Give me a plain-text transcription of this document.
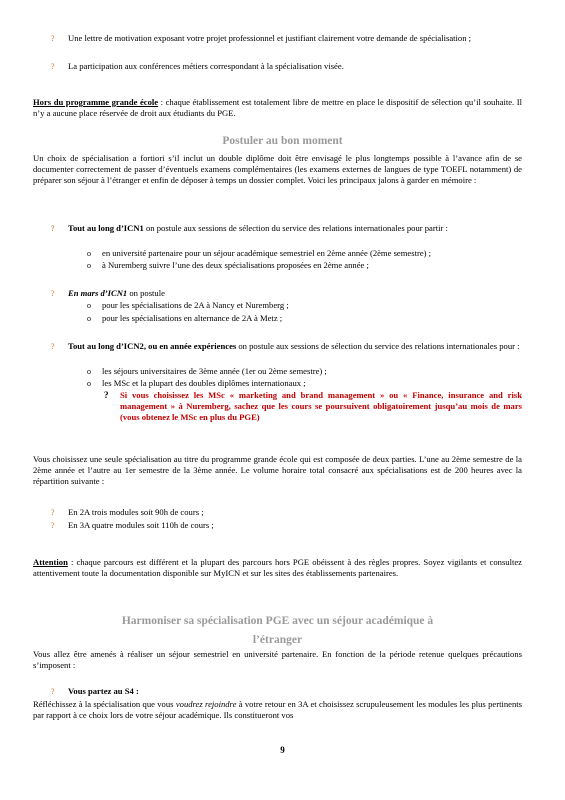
? Une lettre de motivation exposant votre projet professionnel et justifiant clairement votre demande de spécialisation ;

? La participation aux conférences métiers correspondant à la spécialisation visée.

Hors du programme grande école : chaque établissement est totalement libre de mettre en place le dispositif de sélection qu’il souhaite. Il n’y a aucune place réservée de droit aux étudiants du PGE.

Postuler au bon moment

Un choix de spécialisation a fortiori s’il inclut un double diplôme doit être envisagé le plus longtemps possible à l’avance afin de se documenter correctement de passer d’éventuels examens complémentaires (les examens externes de langues de type TOEFL notamment) de préparer son séjour à l’étranger et enfin de déposer à temps un dossier complet. Voici les principaux jalons à garder en mémoire :

? Tout au long d’ICN1 on postule aux sessions de sélection du service des relations internationales pour partir :

o en université partenaire pour un séjour académique semestriel en 2ème année (2ème semestre) ;

o à Nuremberg suivre l’une des deux spécialisations proposées en 2ème année ;

? En mars d’ICN1 on postule

o pour les spécialisations de 2A à Nancy et Nuremberg ;

o pour les spécialisations en alternance de 2A à Metz ;

? Tout au long d’ICN2, ou en année expériences on postule aux sessions de sélection du service des relations internationales pour :

o les séjours universitaires de 3ème année (1er ou 2ème semestre) ;

o les MSc et la plupart des doubles diplômes internationaux ;

? Si vous choisissez les MSc « marketing and brand management » ou « Finance, insurance and risk management » à Nuremberg, sachez que les cours se poursuivent obligatoirement jusqu’au mois de mars (vous obtenez le MSc en plus du PGE)

Vous choisissez une seule spécialisation au titre du programme grande école qui est composée de deux parties. L’une au 2ème semestre de la 2ème année et l’autre au 1er semestre de la 3ème année. Le volume horaire total consacré aux spécialisations est de 200 heures avec la répartition suivante :

? En 2A trois modules soit 90h de cours ;

? En 3A quatre modules soit 110h de cours ;

Attention : chaque parcours est différent et la plupart des parcours hors PGE obéissent à des règles propres. Soyez vigilants et consultez attentivement toute la documentation disponible sur MyICN et sur les sites des établissements partenaires.

Harmoniser sa spécialisation PGE avec un séjour académique à
l’étranger

Vous allez être amenés à réaliser un séjour semestriel en université partenaire. En fonction de la période retenue quelques précautions s’imposent :

? Vous partez au S4 :

Réfléchissez à la spécialisation que vous voudrez rejoindre à votre retour en 3A et choisissez scrupuleusement les modules les plus pertinents par rapport à ce choix lors de votre séjour académique. Ils constitueront vos

9
